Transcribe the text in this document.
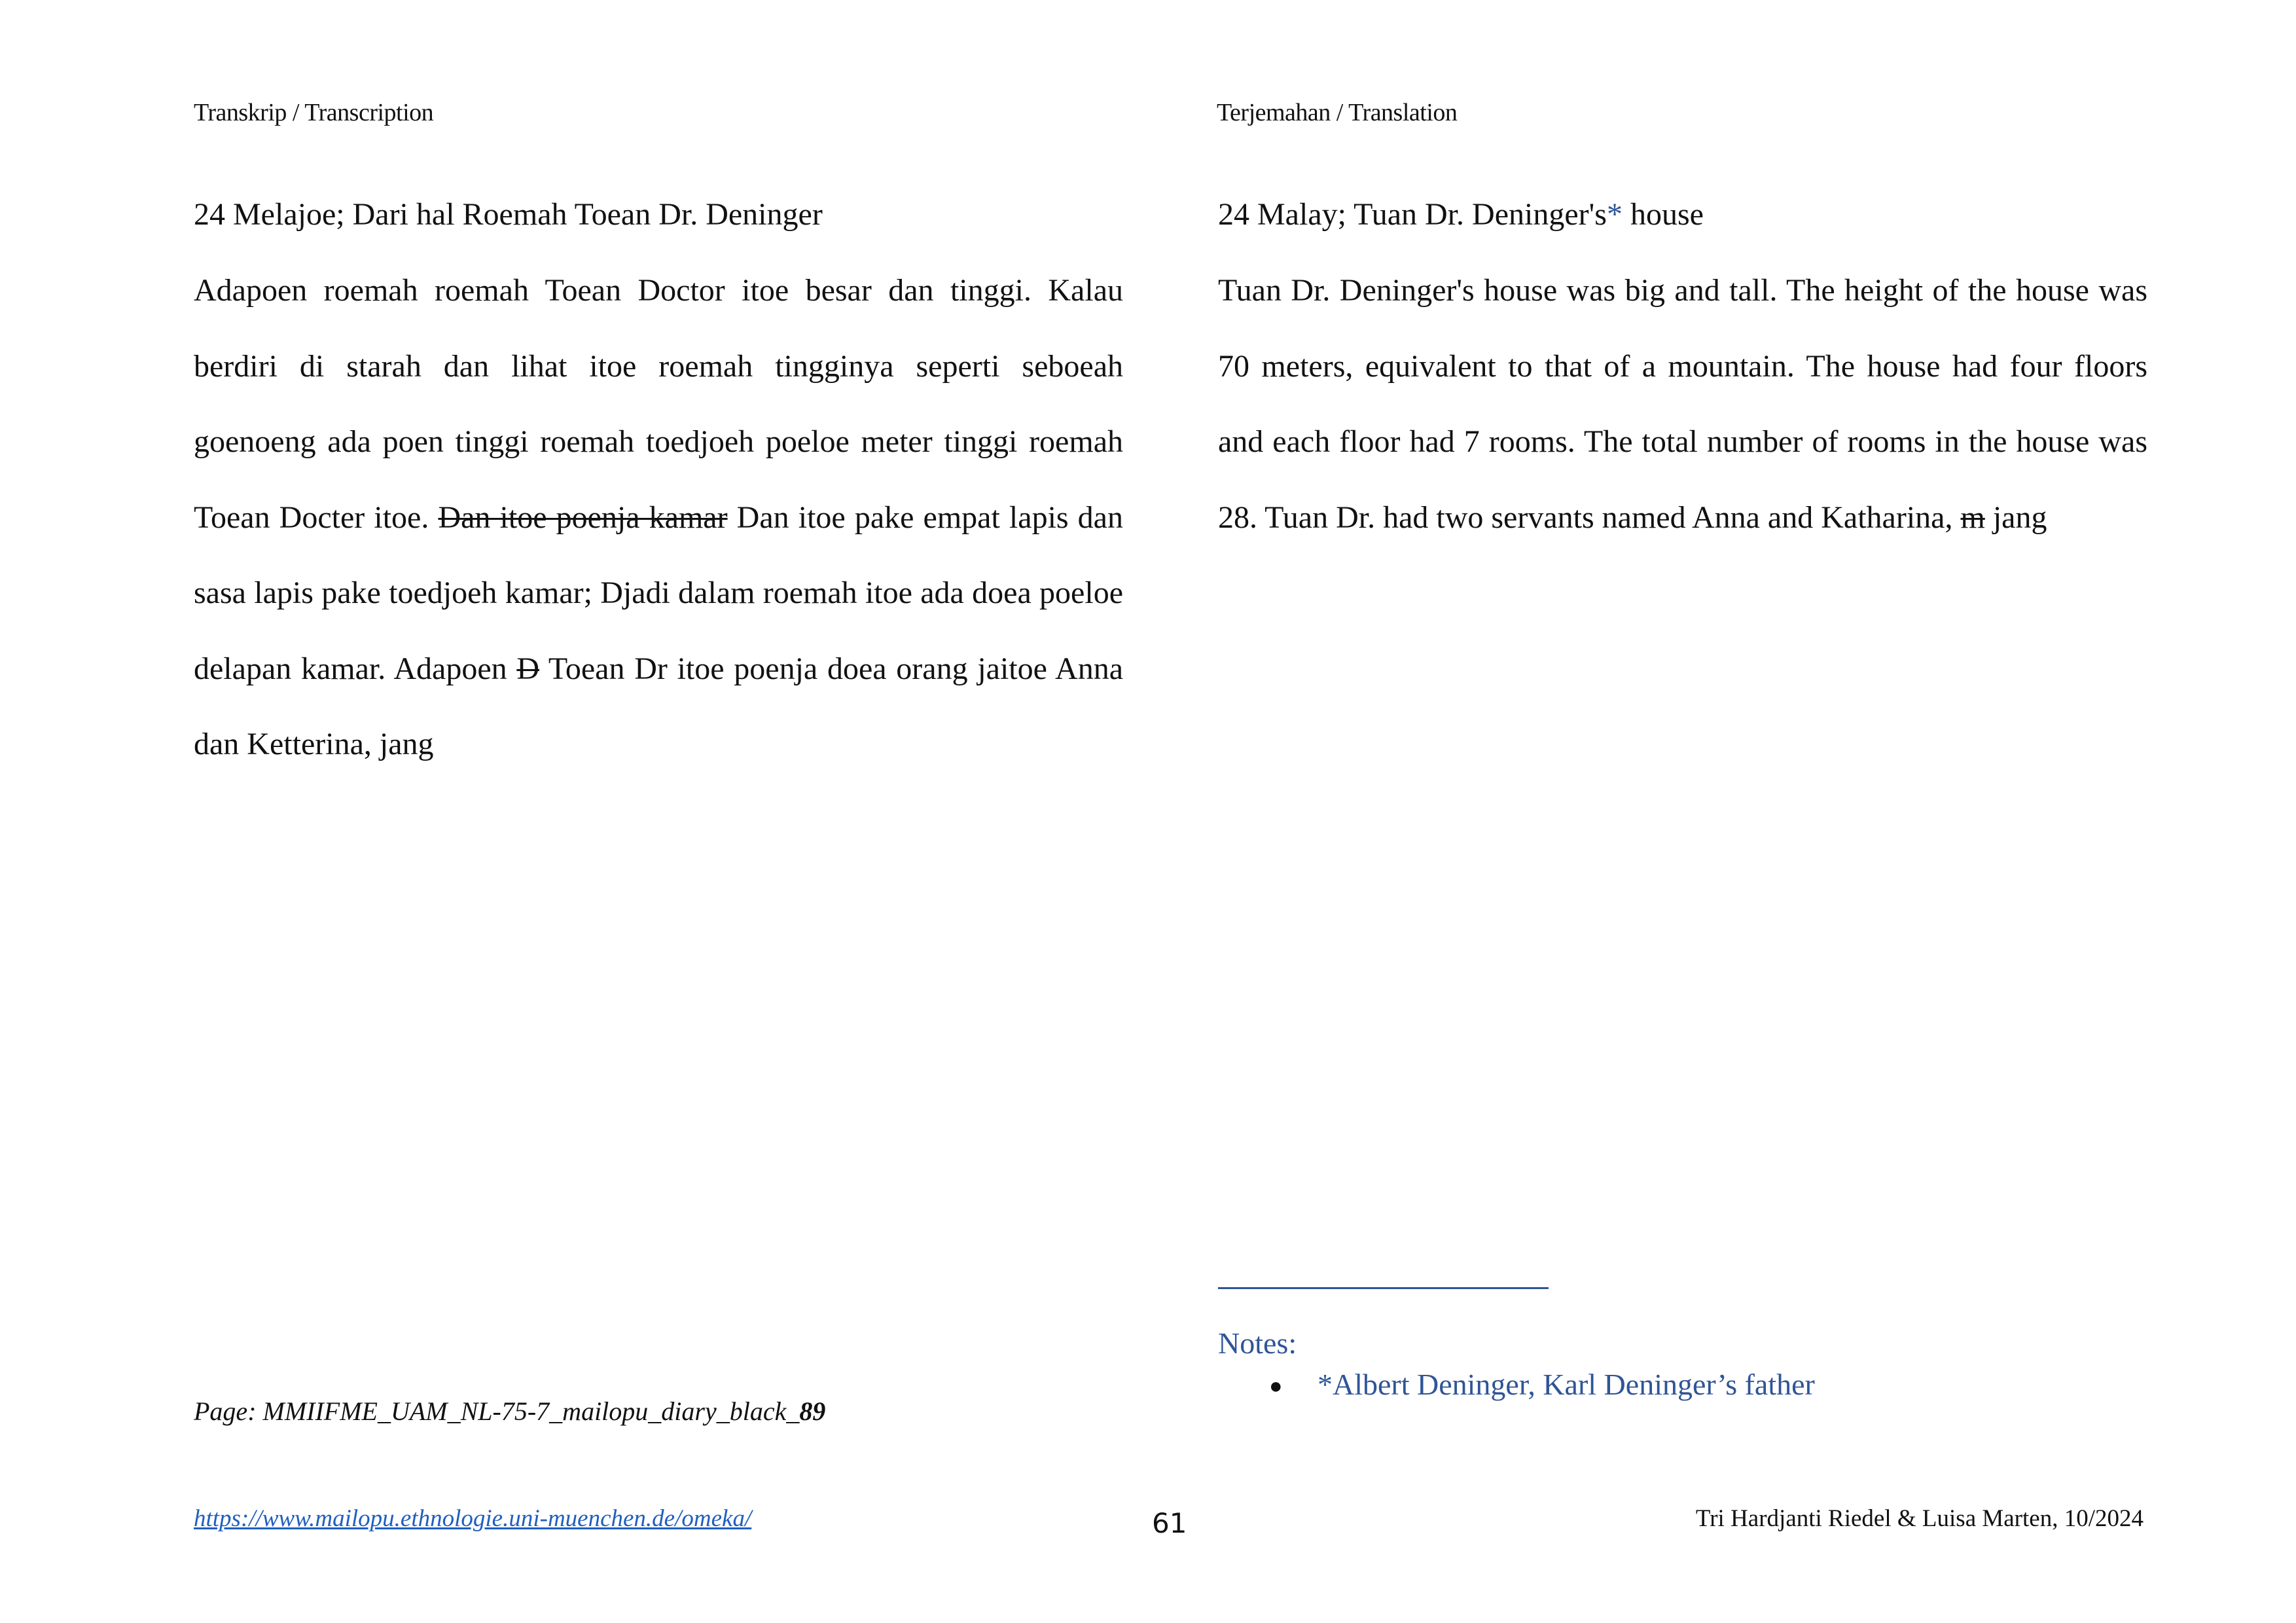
Transkrip / Transcription	Terjemahan / Translation
24 Melajoe; Dari hal Roemah Toean Dr. Deninger

Adapoen roemah roemah Toean Doctor itoe besar dan tinggi. Kalau berdiri di starah dan lihat itoe roemah tingginya seperti seboeah goenoeng ada poen tinggi roemah toedjoeh poeloe meter tinggi roemah Toean Docter itoe. Dan itoe poenja kamar Dan itoe pake empat lapis dan sasa lapis pake toedjoeh kamar; Djadi dalam roemah itoe ada doea poeloe delapan kamar. Adapoen D Toean Dr itoe poenja doea orang jaitoe Anna dan Ketterina, jang

24 Malay; Tuan Dr. Deninger's* house

Tuan Dr. Deninger's house was big and tall. The height of the house was 70 meters, equivalent to that of a mountain. The house had four floors and each floor had 7 rooms. The total number of rooms in the house was 28. Tuan Dr. had two servants named Anna and Katharina, m jang

Page: MMIIFME_UAM_NL-75-7_mailopu_diary_black_89
Notes:
● *Albert Deninger, Karl Deninger’s father
https://www.mailopu.ethnologie.uni-muenchen.de/omeka/	61	Tri Hardjanti Riedel & Luisa Marten, 10/2024
